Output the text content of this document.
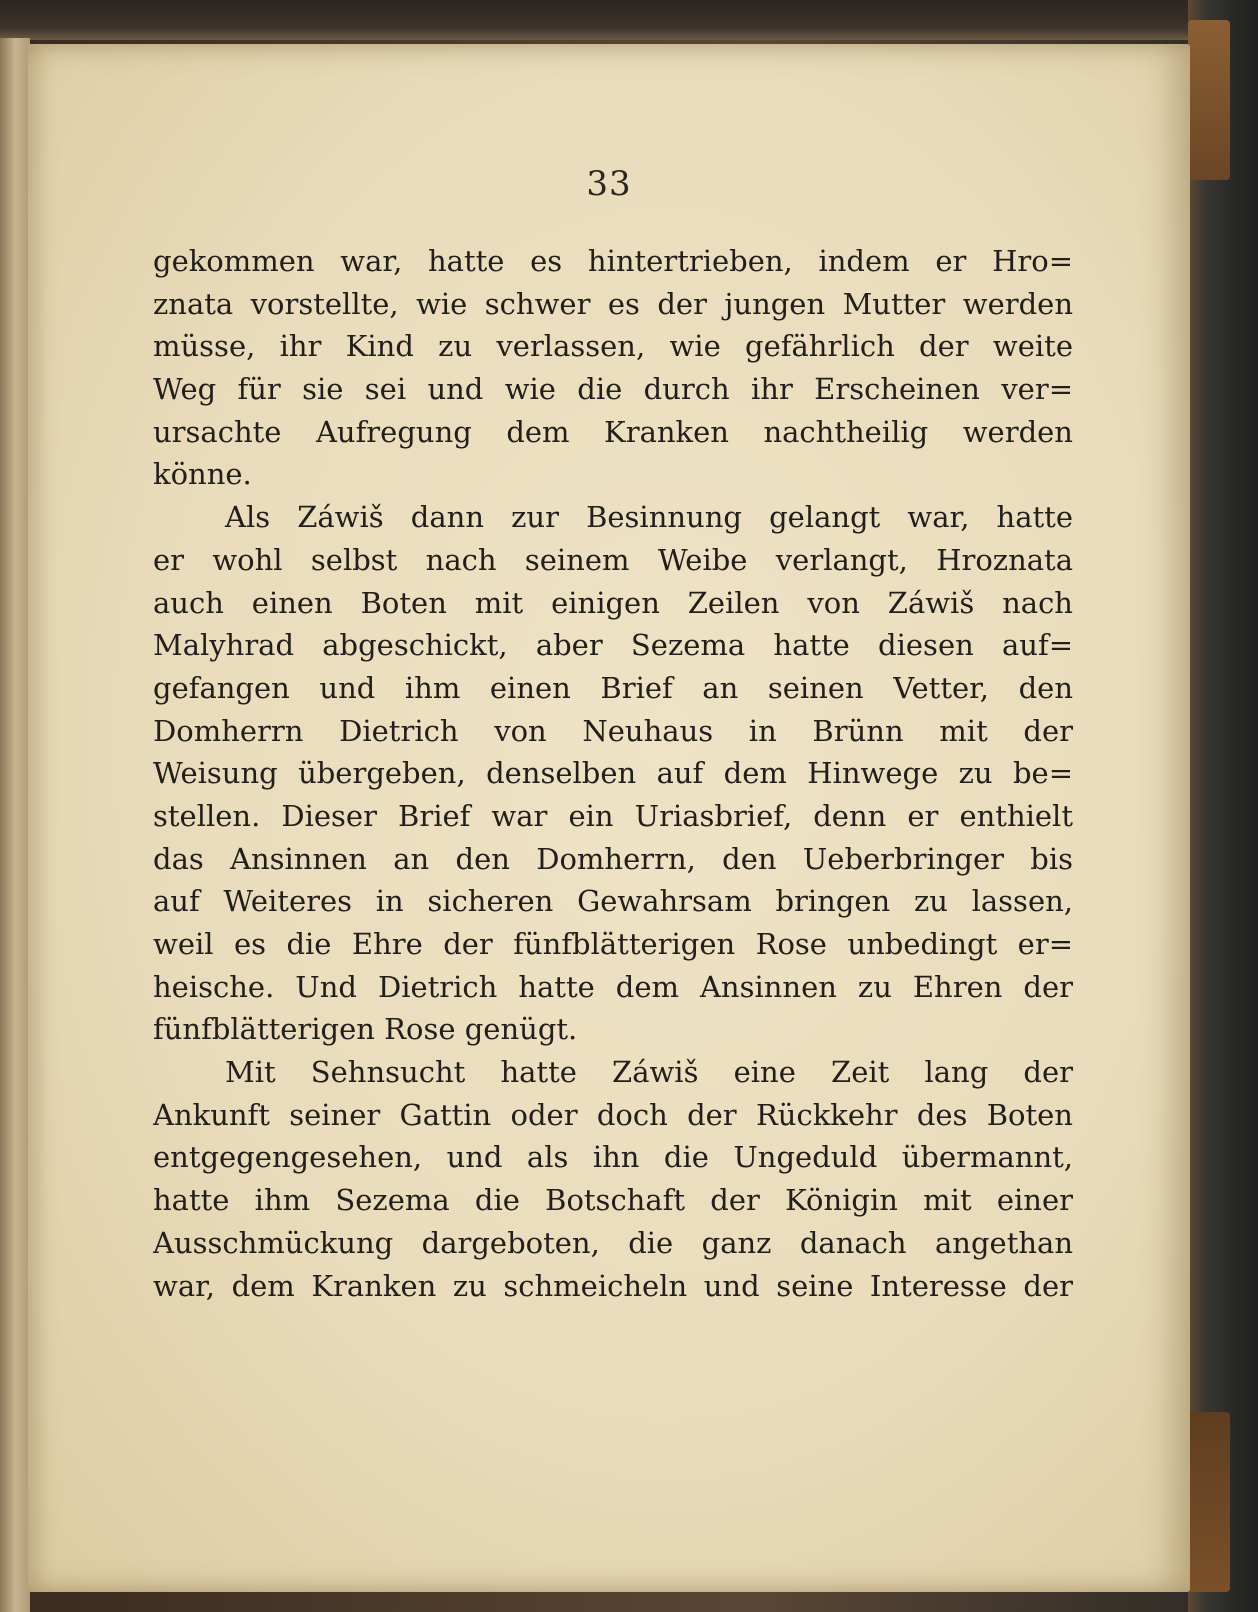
33
gekommen war, hatte es hintertrieben, indem er Hro=
znata vorstellte, wie schwer es der jungen Mutter werden
müsse, ihr Kind zu verlassen, wie gefährlich der weite
Weg für sie sei und wie die durch ihr Erscheinen ver=
ursachte Aufregung dem Kranken nachtheilig werden
könne.
Als Záwiš dann zur Besinnung gelangt war, hatte
er wohl selbst nach seinem Weibe verlangt, Hroznata
auch einen Boten mit einigen Zeilen von Záwiš nach
Malyhrad abgeschickt, aber Sezema hatte diesen auf=
gefangen und ihm einen Brief an seinen Vetter, den
Domherrn Dietrich von Neuhaus in Brünn mit der
Weisung übergeben, denselben auf dem Hinwege zu be=
stellen. Dieser Brief war ein Uriasbrief, denn er enthielt
das Ansinnen an den Domherrn, den Ueberbringer bis
auf Weiteres in sicheren Gewahrsam bringen zu lassen,
weil es die Ehre der fünfblätterigen Rose unbedingt er=
heische. Und Dietrich hatte dem Ansinnen zu Ehren der
fünfblätterigen Rose genügt.
Mit Sehnsucht hatte Záwiš eine Zeit lang der
Ankunft seiner Gattin oder doch der Rückkehr des Boten
entgegengesehen, und als ihn die Ungeduld übermannt,
hatte ihm Sezema die Botschaft der Königin mit einer
Ausschmückung dargeboten, die ganz danach angethan
war, dem Kranken zu schmeicheln und seine Interesse der
